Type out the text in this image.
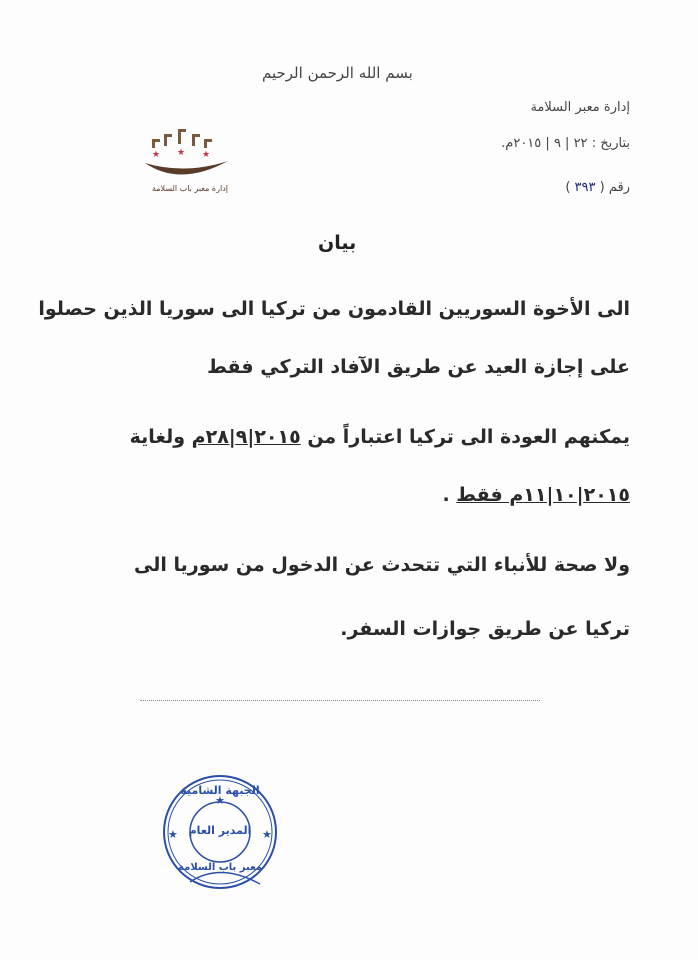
بسم الله الرحمن الرحيم
إدارة معبر السلامة
بتاريخ : ٢٢ | ٩ | ٢٠١٥م.
رقم ( ٣٩٣ )
★ ★ ★
إدارة معبر باب السلامة
بيان
الى الأخوة السوريين القادمون من تركيا الى سوريا الذين حصلوا
على إجازة العيد عن طريق الآفاد التركي فقط
يمكنهم العودة الى تركيا اعتباراً من ٢٠١٥|٩|٢٨م ولغاية
٢٠١٥|١٠|١١م فقط .
ولا صحة للأنباء التي تتحدث عن الدخول من سوريا الى
تركيا عن طريق جوازات السفر.
★	★
★
الجبهة الشامية
المدير العام
معبر باب السلامة
